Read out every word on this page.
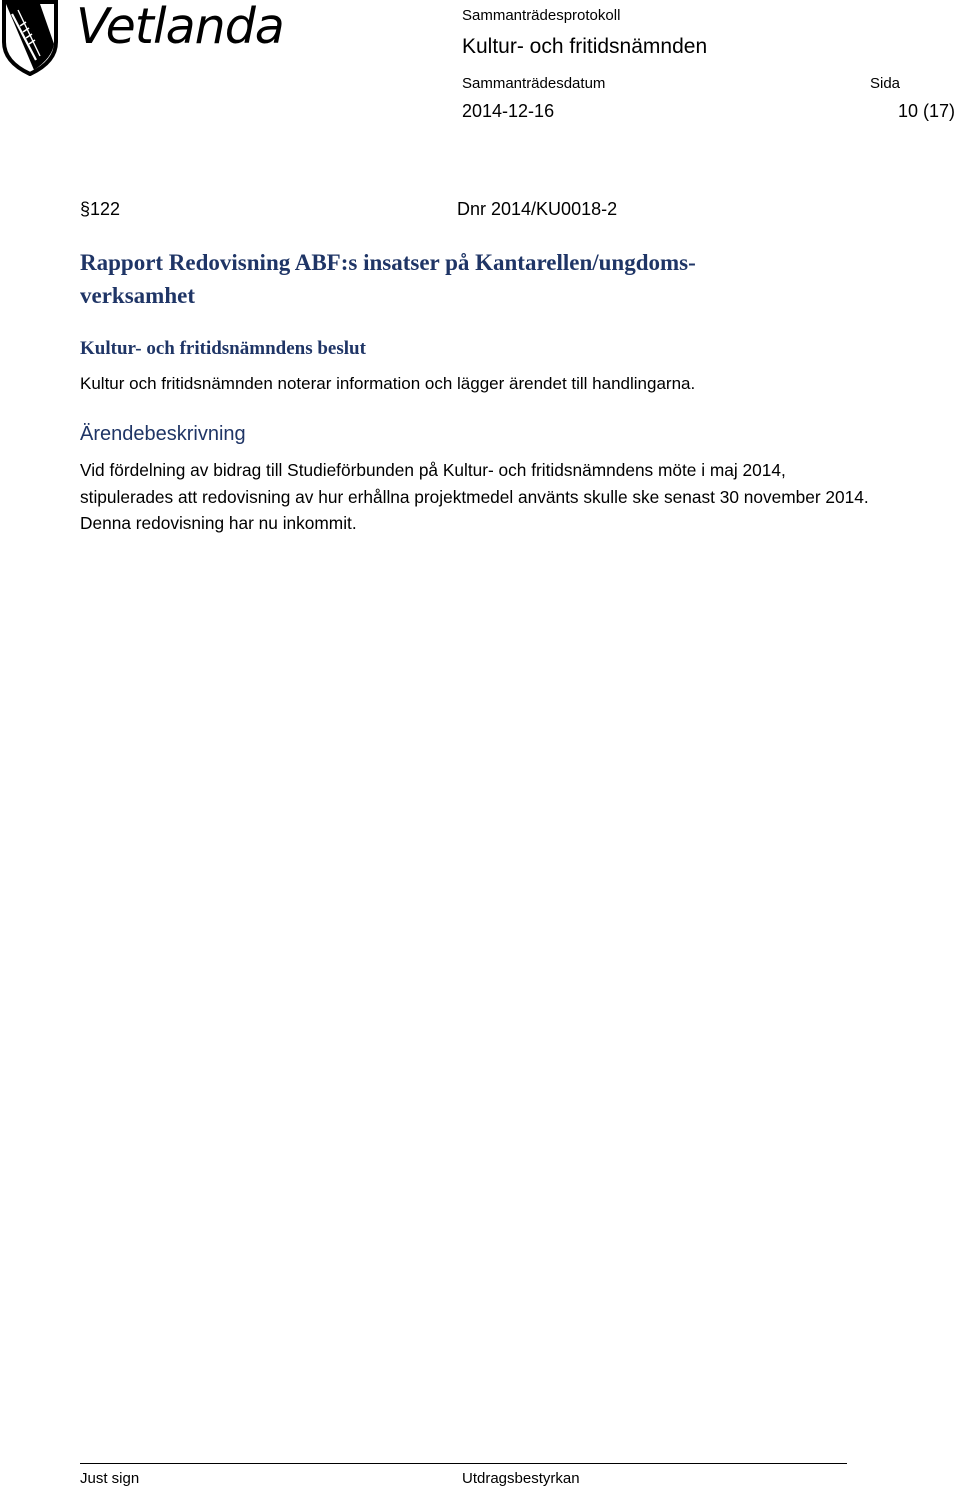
Vetlanda	Sammanträdesprotokoll
Kultur- och fritidsnämnden
Sammanträdesdatum	Sida
2014-12-16	10 (17)
§122	Dnr 2014/KU0018-2
Rapport Redovisning ABF:s insatser på Kantarellen/ungdoms-
verksamhet
Kultur- och fritidsnämndens beslut
Kultur och fritidsnämnden noterar information och lägger ärendet till handlingarna.
Ärendebeskrivning
Vid fördelning av bidrag till Studieförbunden på Kultur- och fritidsnämndens möte i maj 2014, stipulerades att redovisning av hur erhållna projektmedel använts skulle ske senast 30 november 2014. Denna redovisning har nu inkommit.
Just sign	Utdragsbestyrkan
